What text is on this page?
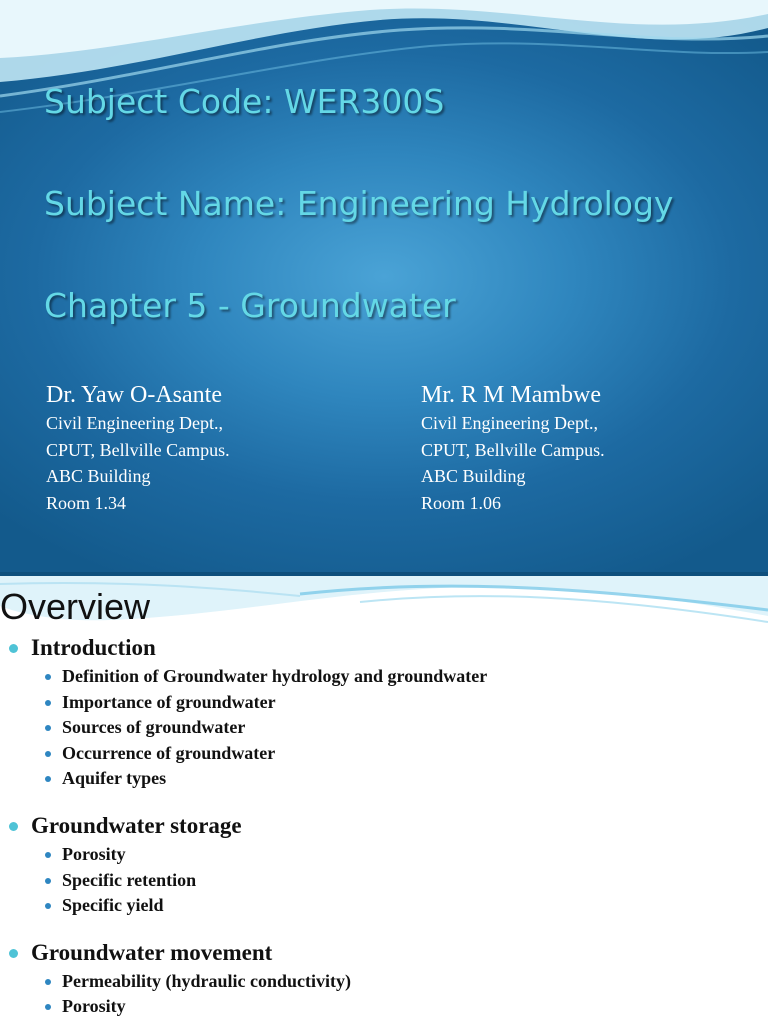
Subject Code: WER300S
Subject Name: Engineering Hydrology
Chapter 5 - Groundwater
Dr. Yaw O-Asante
Civil Engineering Dept.,
CPUT, Bellville Campus.
ABC Building
Room 1.34
Mr. R M Mambwe
Civil Engineering Dept.,
CPUT, Bellville Campus.
ABC Building
Room 1.06
Overview
Introduction
Definition of Groundwater hydrology and groundwater
Importance of groundwater
Sources of groundwater
Occurrence of groundwater
Aquifer types
Groundwater storage
Porosity
Specific retention
Specific yield
Groundwater movement
Permeability (hydraulic conductivity)
Porosity
